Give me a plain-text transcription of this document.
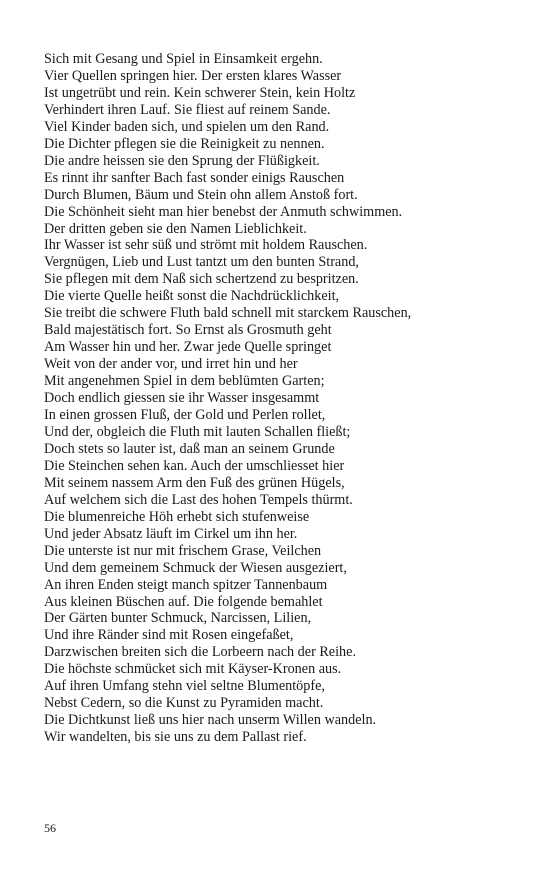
Sich mit Gesang und Spiel in Einsamkeit ergehn.
Vier Quellen springen hier. Der ersten klares Wasser
Ist ungetrübt und rein. Kein schwerer Stein, kein Holtz
Verhindert ihren Lauf. Sie fliest auf reinem Sande.
Viel Kinder baden sich, und spielen um den Rand.
Die Dichter pflegen sie die Reinigkeit zu nennen.
Die andre heissen sie den Sprung der Flüßigkeit.
Es rinnt ihr sanfter Bach fast sonder einigs Rauschen
Durch Blumen, Bäum und Stein ohn allem Anstoß fort.
Die Schönheit sieht man hier benebst der Anmuth schwimmen.
Der dritten geben sie den Namen Lieblichkeit.
Ihr Wasser ist sehr süß und strömt mit holdem Rauschen.
Vergnügen, Lieb und Lust tantzt um den bunten Strand,
Sie pflegen mit dem Naß sich schertzend zu bespritzen.
Die vierte Quelle heißt sonst die Nachdrücklichkeit,
Sie treibt die schwere Fluth bald schnell mit starckem Rauschen,
Bald majestätisch fort. So Ernst als Grosmuth geht
Am Wasser hin und her. Zwar jede Quelle springet
Weit von der ander vor, und irret hin und her
Mit angenehmen Spiel in dem beblümten Garten;
Doch endlich giessen sie ihr Wasser insgesammt
In einen grossen Fluß, der Gold und Perlen rollet,
Und der, obgleich die Fluth mit lauten Schallen fließt;
Doch stets so lauter ist, daß man an seinem Grunde
Die Steinchen sehen kan. Auch der umschliesset hier
Mit seinem nassem Arm den Fuß des grünen Hügels,
Auf welchem sich die Last des hohen Tempels thürmt.
Die blumenreiche Höh erhebt sich stufenweise
Und jeder Absatz läuft im Cirkel um ihn her.
Die unterste ist nur mit frischem Grase, Veilchen
Und dem gemeinem Schmuck der Wiesen ausgeziert,
An ihren Enden steigt manch spitzer Tannenbaum
Aus kleinen Büschen auf. Die folgende bemahlet
Der Gärten bunter Schmuck, Narcissen, Lilien,
Und ihre Ränder sind mit Rosen eingefaßet,
Darzwischen breiten sich die Lorbeern nach der Reihe.
Die höchste schmücket sich mit Käyser-Kronen aus.
Auf ihren Umfang stehn viel seltne Blumentöpfe,
Nebst Cedern, so die Kunst zu Pyramiden macht.
Die Dichtkunst ließ uns hier nach unserm Willen wandeln.
Wir wandelten, bis sie uns zu dem Pallast rief.
56
